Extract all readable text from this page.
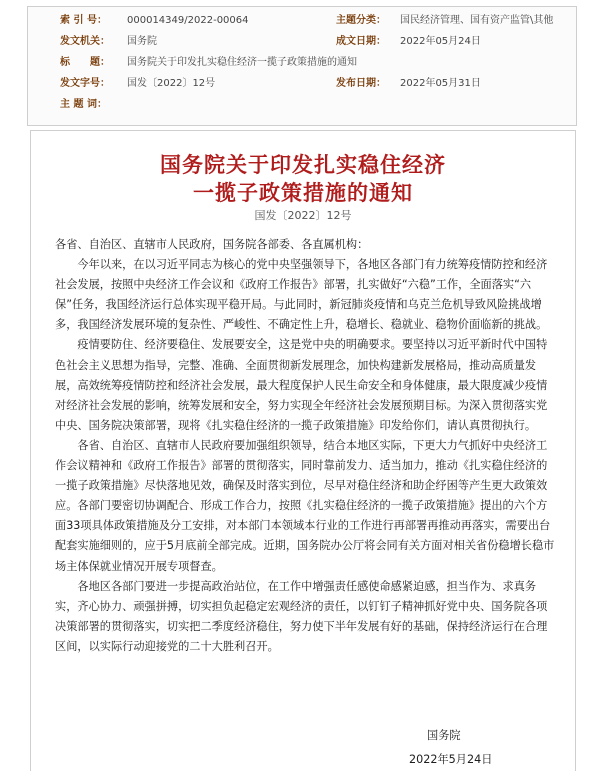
索 引 号： 000014349/2022-00064	主题分类： 国民经济管理、国有资产监管\其他
发文机关： 国务院	成文日期： 2022年05月24日
标　　题： 国务院关于印发扎实稳住经济一揽子政策措施的通知
发文字号： 国发〔2022〕12号	发布日期： 2022年05月31日
主 题 词：
国务院关于印发扎实稳住经济
一揽子政策措施的通知
国发〔2022〕12号

各省、自治区、直辖市人民政府，国务院各部委、各直属机构：

今年以来，在以习近平同志为核心的党中央坚强领导下，各地区各部门有力统筹疫情防控和经济社会发展，按照中央经济工作会议和《政府工作报告》部署，扎实做好“六稳”工作，全面落实“六保”任务，我国经济运行总体实现平稳开局。与此同时，新冠肺炎疫情和乌克兰危机导致风险挑战增多，我国经济发展环境的复杂性、严峻性、不确定性上升，稳增长、稳就业、稳物价面临新的挑战。

疫情要防住、经济要稳住、发展要安全，这是党中央的明确要求。要坚持以习近平新时代中国特色社会主义思想为指导，完整、准确、全面贯彻新发展理念，加快构建新发展格局，推动高质量发展，高效统筹疫情防控和经济社会发展，最大程度保护人民生命安全和身体健康，最大限度减少疫情对经济社会发展的影响，统筹发展和安全，努力实现全年经济社会发展预期目标。为深入贯彻落实党中央、国务院决策部署，现将《扎实稳住经济的一揽子政策措施》印发给你们，请认真贯彻执行。

各省、自治区、直辖市人民政府要加强组织领导，结合本地区实际，下更大力气抓好中央经济工作会议精神和《政府工作报告》部署的贯彻落实，同时靠前发力、适当加力，推动《扎实稳住经济的一揽子政策措施》尽快落地见效，确保及时落实到位，尽早对稳住经济和助企纾困等产生更大政策效应。各部门要密切协调配合、形成工作合力，按照《扎实稳住经济的一揽子政策措施》提出的六个方面33项具体政策措施及分工安排，对本部门本领域本行业的工作进行再部署再推动再落实，需要出台配套实施细则的，应于5月底前全部完成。近期，国务院办公厅将会同有关方面对相关省份稳增长稳市场主体保就业情况开展专项督查。

各地区各部门要进一步提高政治站位，在工作中增强责任感使命感紧迫感，担当作为、求真务实，齐心协力、顽强拼搏，切实担负起稳定宏观经济的责任，以钉钉子精神抓好党中央、国务院各项决策部署的贯彻落实，切实把二季度经济稳住，努力使下半年发展有好的基础，保持经济运行在合理区间，以实际行动迎接党的二十大胜利召开。

国务院
2022年5月24日
